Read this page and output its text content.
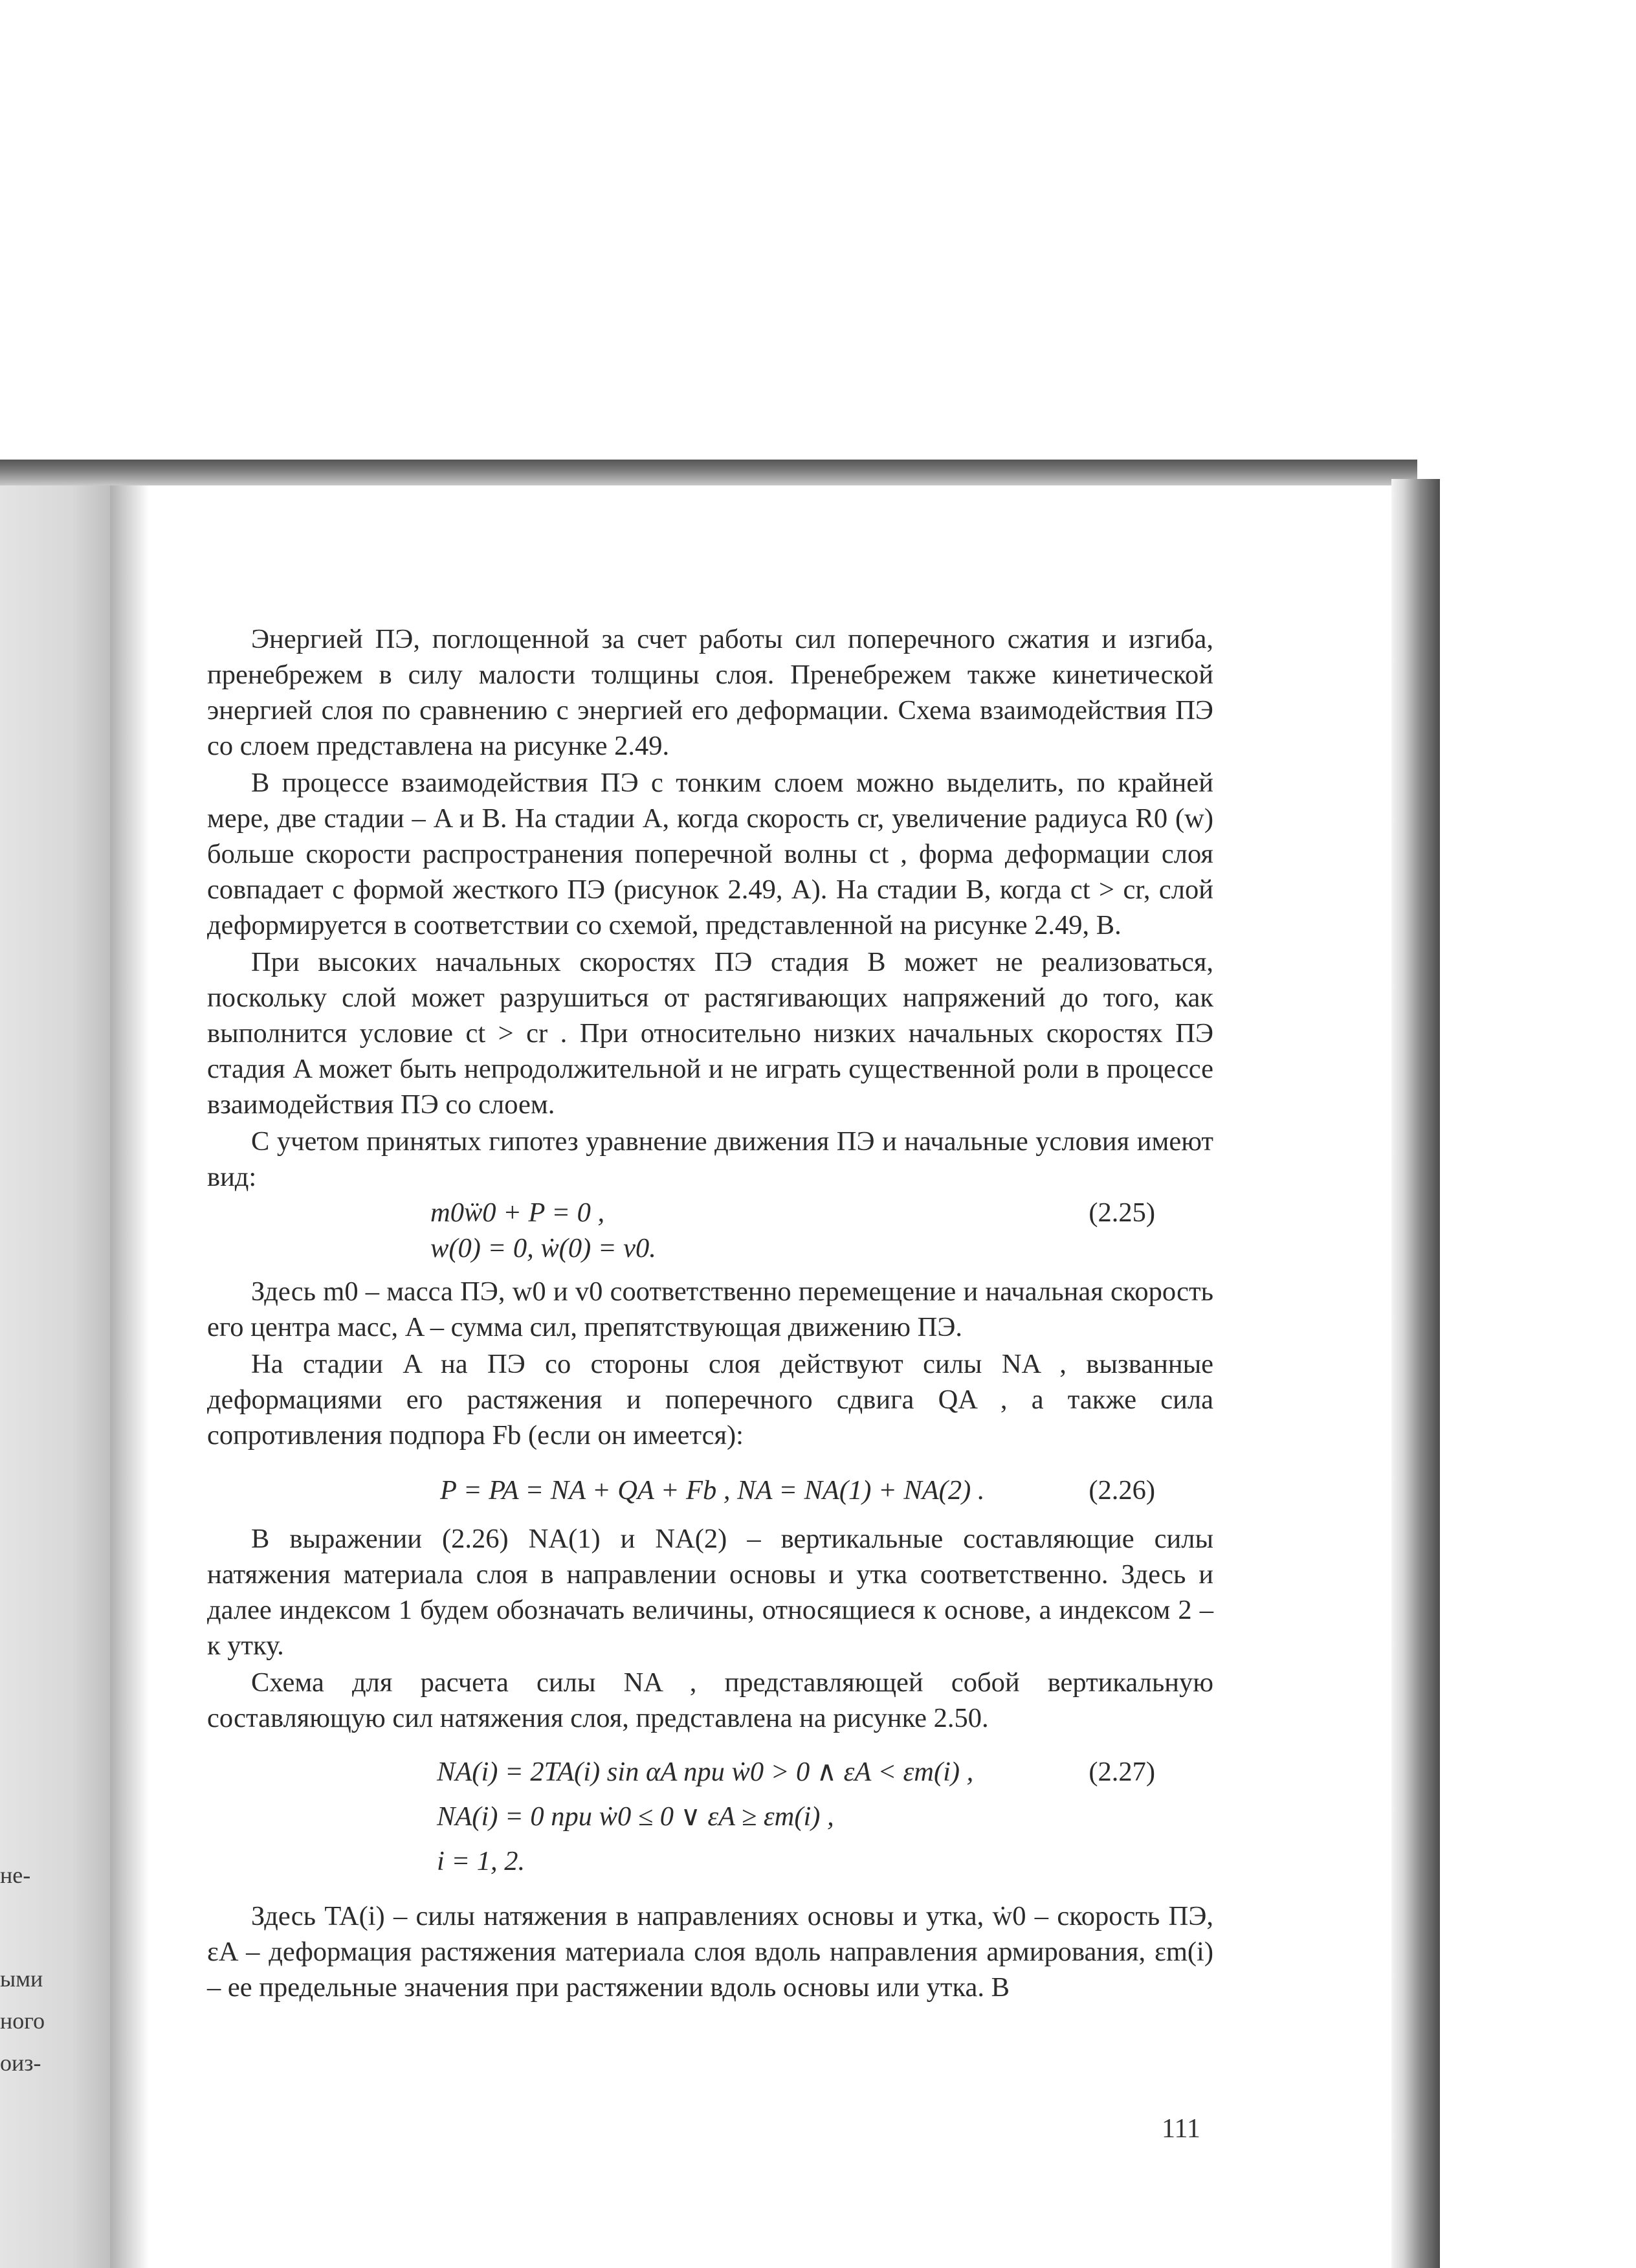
не-
ыми
ного
оиз-

Энергией ПЭ, поглощенной за счет работы сил поперечного сжатия и изгиба, пренебрежем в силу малости толщины слоя. Пренебрежем также кинетической энергией слоя по сравнению с энергией его деформации. Схема взаимодействия ПЭ со слоем представлена на рисунке 2.49.

В процессе взаимодействия ПЭ с тонким слоем можно выделить, по крайней мере, две стадии – A и B. На стадии A, когда скорость cr, увеличение радиуса R0 (w) больше скорости распространения поперечной волны ct , форма деформации слоя совпадает с формой жесткого ПЭ (рисунок 2.49, A). На стадии B, когда ct > cr, слой деформируется в соответствии со схемой, представленной на рисунке 2.49, B.

При высоких начальных скоростях ПЭ стадия B может не реализоваться, поскольку слой может разрушиться от растягивающих напряжений до того, как выполнится условие ct > cr . При относительно низких начальных скоростях ПЭ стадия A может быть непродолжительной и не играть существенной роли в процессе взаимодействия ПЭ со слоем.

С учетом принятых гипотез уравнение движения ПЭ и начальные условия имеют вид:

m0ẅ0 + P = 0 ,	(2.25)
w(0) = 0, ẇ(0) = v0.

Здесь m0 – масса ПЭ, w0 и v0 соответственно перемещение и начальная скорость его центра масс, A – сумма сил, препятствующая движению ПЭ.

На стадии A на ПЭ со стороны слоя действуют силы NA , вызванные деформациями его растяжения и поперечного сдвига QA , а также сила сопротивления подпора Fb (если он имеется):

P = PA = NA + QA + Fb , NA = NA(1) + NA(2) .	(2.26)

В выражении (2.26) NA(1) и NA(2) – вертикальные составляющие силы натяжения материала слоя в направлении основы и утка соответственно. Здесь и далее индексом 1 будем обозначать величины, относящиеся к основе, а индексом 2 – к утку.

Схема для расчета силы NA , представляющей собой вертикальную составляющую сил натяжения слоя, представлена на рисунке 2.50.

NA(i) = 2TA(i) sin αA при ẇ0 > 0 ∧ εA < εm(i) ,	(2.27)
NA(i) = 0 при ẇ0 ≤ 0 ∨ εA ≥ εm(i) ,
i = 1, 2.

Здесь TA(i) – силы натяжения в направлениях основы и утка, ẇ0 – скорость ПЭ, εA – деформация растяжения материала слоя вдоль направления армирования, εm(i) – ее предельные значения при растяжении вдоль основы или утка. В

111
